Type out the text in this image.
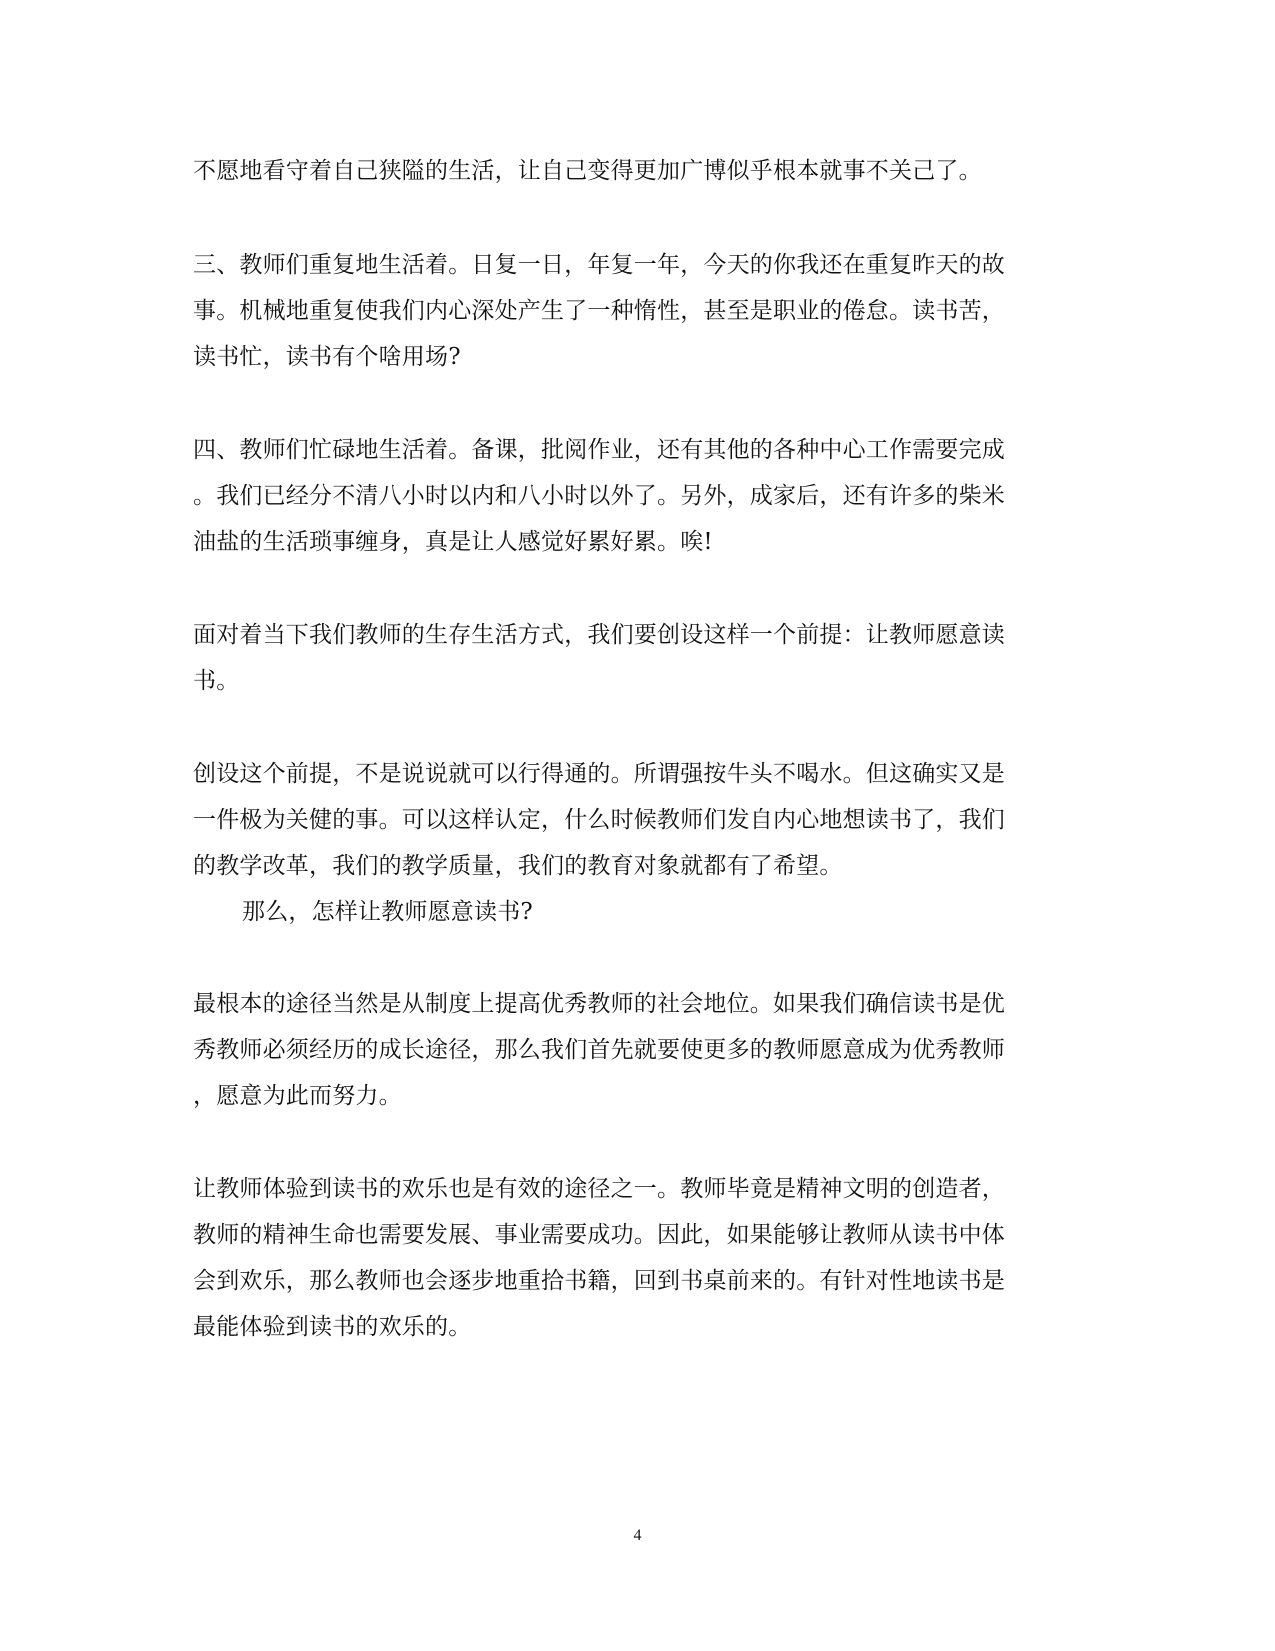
不愿地看守着自己狭隘的生活，让自己变得更加广博似乎根本就事不关己了。

三、教师们重复地生活着。日复一日，年复一年，今天的你我还在重复昨天的故

事。机械地重复使我们内心深处产生了一种惰性，甚至是职业的倦怠。读书苦，

读书忙，读书有个啥用场?

四、教师们忙碌地生活着。备课，批阅作业，还有其他的各种中心工作需要完成

。我们已经分不清八小时以内和八小时以外了。另外，成家后，还有许多的柴米

油盐的生活琐事缠身，真是让人感觉好累好累。唉!

面对着当下我们教师的生存生活方式，我们要创设这样一个前提：让教师愿意读

书。

创设这个前提，不是说说就可以行得通的。所谓强按牛头不喝水。但这确实又是

一件极为关健的事。可以这样认定，什么时候教师们发自内心地想读书了，我们

的教学改革，我们的教学质量，我们的教育对象就都有了希望。

那么，怎样让教师愿意读书?

最根本的途径当然是从制度上提高优秀教师的社会地位。如果我们确信读书是优

秀教师必须经历的成长途径，那么我们首先就要使更多的教师愿意成为优秀教师

，愿意为此而努力。

让教师体验到读书的欢乐也是有效的途径之一。教师毕竟是精神文明的创造者，

教师的精神生命也需要发展、事业需要成功。因此，如果能够让教师从读书中体

会到欢乐，那么教师也会逐步地重拾书籍，回到书桌前来的。有针对性地读书是

最能体验到读书的欢乐的。

4
